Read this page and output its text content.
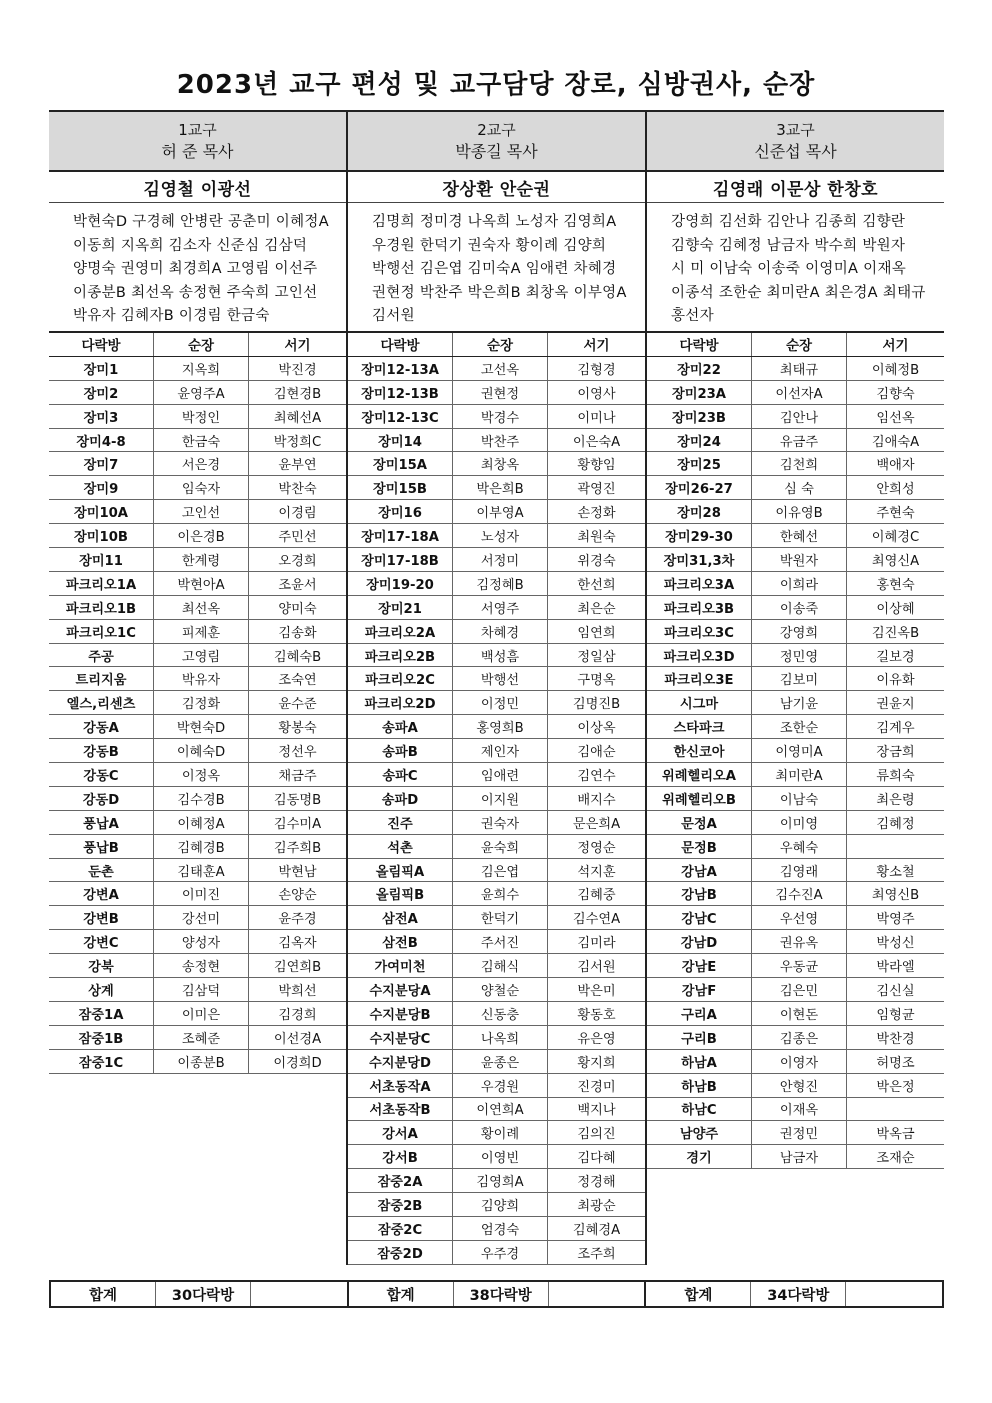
2023년 교구 편성 및 교구담당 장로, 심방권사, 순장
1교구
허 준 목사
김영철 이광선
박현숙D 구경혜 안병란 공춘미 이혜정A
이동희 지옥희 김소자 신준심 김삼덕
양명숙 권영미 최경희A 고영림 이선주
이종분B 최선옥 송정현 주숙희 고인선
박유자 김혜자B 이경림 한금숙
다락방	순장	서기
장미1	지옥희	박진경
장미2	윤영주A	김현경B
장미3	박정인	최혜선A
장미4-8	한금숙	박정희C
장미7	서은경	윤부연
장미9	임숙자	박찬숙
장미10A	고인선	이경림
장미10B	이은경B	주민선
장미11	한계령	오경희
파크리오1A	박현아A	조윤서
파크리오1B	최선옥	양미숙
파크리오1C	피제훈	김송화
주공	고영림	김혜숙B
트리지움	박유자	조숙연
엘스,리센츠	김정화	윤수준
강동A	박현숙D	황봉숙
강동B	이혜숙D	정선우
강동C	이정옥	채금주
강동D	김수경B	김동명B
풍납A	이혜정A	김수미A
풍납B	김혜경B	김주희B
둔촌	김태훈A	박현남
강변A	이미진	손양순
강변B	강선미	윤주경
강변C	양성자	김옥자
강북	송정현	김연희B
상계	김삼덕	박희선
잠중1A	이미은	김경희
잠중1B	조혜준	이선경A
잠중1C	이종분B	이경희D
2교구
박종길 목사
장상환 안순권
김명희 정미경 나옥희 노성자 김영희A
우경원 한덕기 권숙자 황이례 김양희
박행선 김은엽 김미숙A 임애련 차혜경
권현정 박찬주 박은희B 최창옥 이부영A
김서원
다락방	순장	서기
장미12-13A	고선옥	김형경
장미12-13B	권현정	이영사
장미12-13C	박경수	이미나
장미14	박찬주	이은숙A
장미15A	최창옥	황향임
장미15B	박은희B	곽영진
장미16	이부영A	손정화
장미17-18A	노성자	최원숙
장미17-18B	서정미	위경숙
장미19-20	김정혜B	한선희
장미21	서영주	최은순
파크리오2A	차혜경	임연희
파크리오2B	백성흠	정일삼
파크리오2C	박행선	구명옥
파크리오2D	이정민	김명진B
송파A	홍영희B	이상옥
송파B	제인자	김애순
송파C	임애련	김연수
송파D	이지원	배지수
진주	권숙자	문은희A
석촌	윤숙희	정영순
올림픽A	김은엽	석지훈
올림픽B	윤희수	김혜중
삼전A	한덕기	김수연A
삼전B	주서진	김미라
가여미천	김해식	김서원
수지분당A	양철순	박은미
수지분당B	신동충	황동호
수지분당C	나옥희	유은영
수지분당D	윤종은	황지희
서초동작A	우경원	진경미
서초동작B	이연희A	백지나
강서A	황이례	김의진
강서B	이영빈	김다혜
잠중2A	김영희A	정경해
잠중2B	김양희	최광순
잠중2C	엄경숙	김혜경A
잠중2D	우주경	조주희
3교구
신준섭 목사
김영래 이문상 한창호
강영희 김선화 김안나 김종희 김향란
김향숙 김혜정 남금자 박수희 박원자
시 미 이남숙 이송죽 이영미A 이재옥
이종석 조한순 최미란A 최은경A 최태규
홍선자
다락방	순장	서기
장미22	최태규	이혜정B
장미23A	이선자A	김향숙
장미23B	김안나	임선옥
장미24	유금주	김애숙A
장미25	김천희	백애자
장미26-27	심 숙	안희성
장미28	이유영B	주현숙
장미29-30	한혜선	이혜경C
장미31,3차	박원자	최영신A
파크리오3A	이희라	홍현숙
파크리오3B	이송죽	이상혜
파크리오3C	강영희	김진옥B
파크리오3D	정민영	길보경
파크리오3E	김보미	이유화
시그마	남기윤	권윤지
스타파크	조한순	김계우
한신코아	이영미A	장금희
위례헬리오A	최미란A	류희숙
위례헬리오B	이남숙	최은령
문정A	이미영	김혜정
문정B	우혜숙	
강남A	김영래	황소철
강남B	김수진A	최영신B
강남C	우선영	박영주
강남D	권유옥	박성신
강남E	우동균	박라엘
강남F	김은민	김신실
구리A	이현돈	임형균
구리B	김종은	박찬경
하남A	이영자	허명조
하남B	안형진	박은정
하남C	이재옥	
남양주	권정민	박옥금
경기	남금자	조재순
합계	30다락방	합계	38다락방	합계	34다락방
